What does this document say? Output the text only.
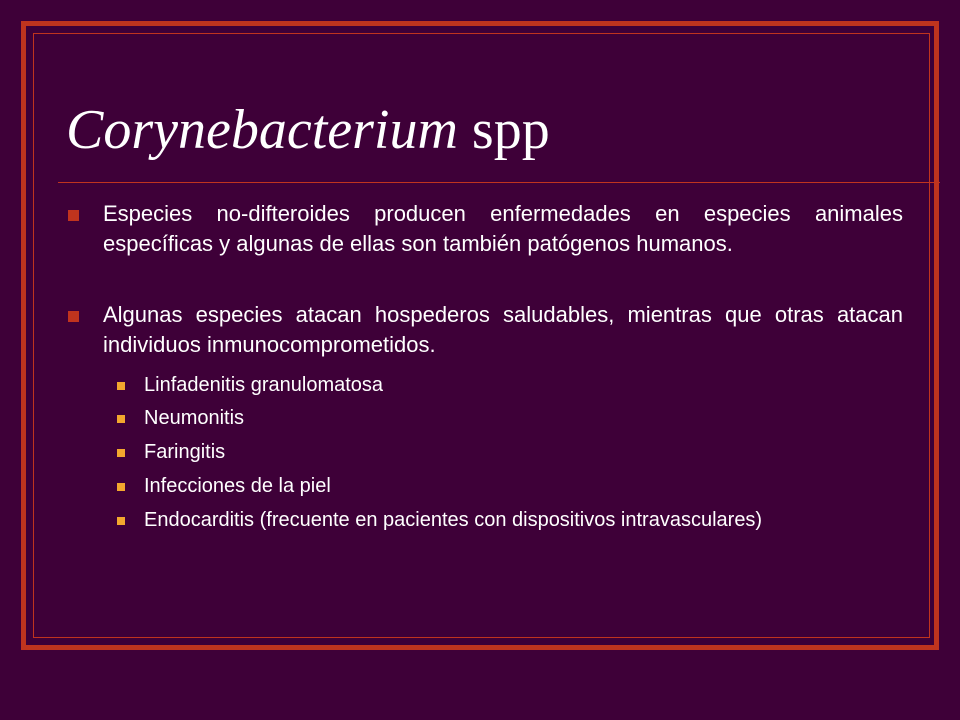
Corynebacterium spp
Especies no-difteroides producen enfermedades en especies animales específicas y algunas de ellas son también patógenos humanos.
Algunas especies atacan hospederos saludables, mientras que otras atacan individuos inmunocomprometidos.
Linfadenitis granulomatosa
Neumonitis
Faringitis
Infecciones de la piel
Endocarditis (frecuente en pacientes con dispositivos intravasculares)
